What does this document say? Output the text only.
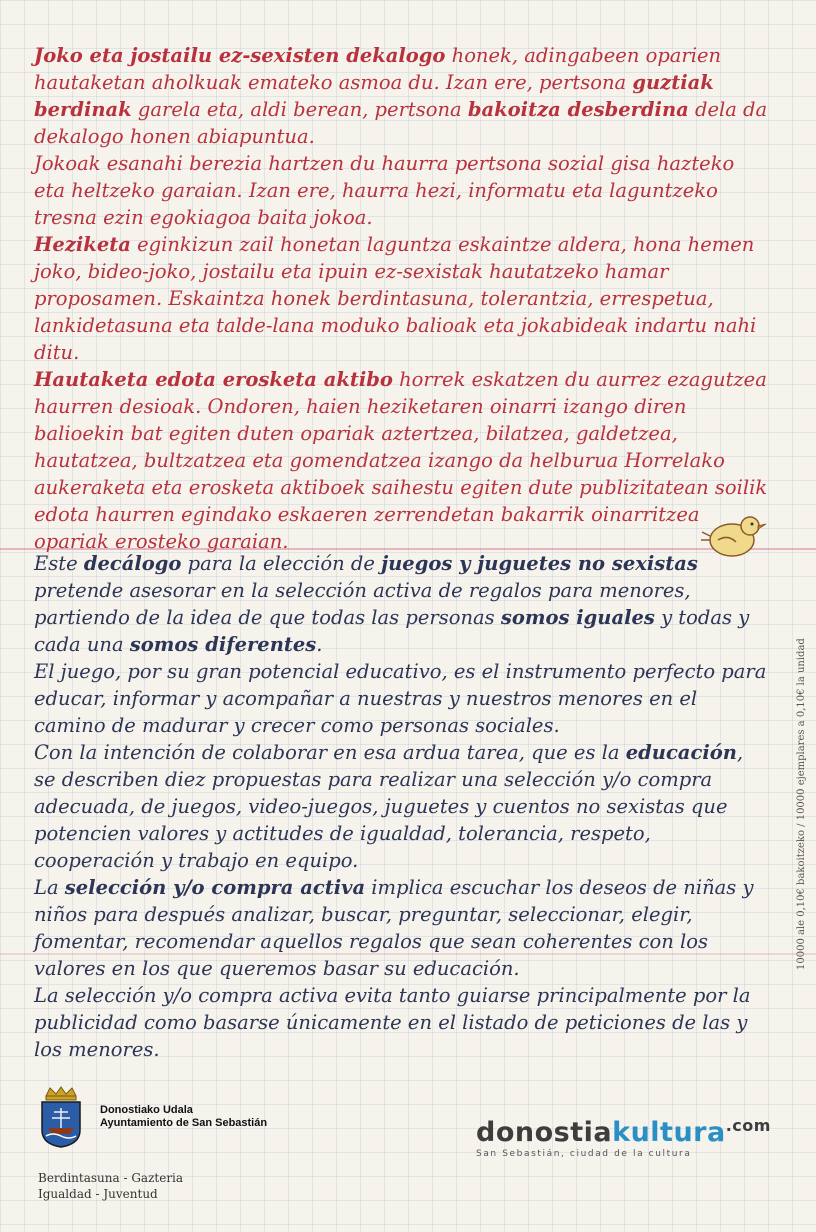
Joko eta jostailu ez-sexisten dekalogo honek, adingabeen oparien hautaketan aholkuak emateko asmoa du. Izan ere, pertsona guztiak berdinak garela eta, aldi berean, pertsona bakoitza desberdina dela da dekalogo honen abiapuntua.

Jokoak esanahi berezia hartzen du haurra pertsona sozial gisa hazteko eta heltzeko garaian. Izan ere, haurra hezi, informatu eta laguntzeko tresna ezin egokiagoa baita jokoa.

Heziketa eginkizun zail honetan laguntza eskaintze aldera, hona hemen joko, bideo-joko, jostailu eta ipuin ez-sexistak hautatzeko hamar proposamen. Eskaintza honek berdintasuna, tolerantzia, errespetua, lankidetasuna eta talde-lana moduko balioak eta jokabideak indartu nahi ditu.

Hautaketa edota erosketa aktibo horrek eskatzen du aurrez ezagutzea haurren desioak. Ondoren, haien heziketaren oinarri izango diren balioekin bat egiten duten opariak aztertzea, bilatzea, galdetzea, hautatzea, bultzatzea eta gomendatzea izango da helburua Horrelako aukeraketa eta erosketa aktiboek saihestu egiten dute publizitatean soilik edota haurren egindako eskaeren zerrendetan bakarrik oinarritzea opariak erosteko garaian.

Este decálogo para la elección de juegos y juguetes no sexistas pretende asesorar en la selección activa de regalos para menores, partiendo de la idea de que todas las personas somos iguales y todas y cada una somos diferentes.

El juego, por su gran potencial educativo, es el instrumento perfecto para educar, informar y acompañar a nuestras y nuestros menores en el camino de madurar y crecer como personas sociales.

Con la intención de colaborar en esa ardua tarea, que es la educación, se describen diez propuestas para realizar una selección y/o compra adecuada, de juegos, video-juegos, juguetes y cuentos no sexistas que potencien valores y actitudes de igualdad, tolerancia, respeto, cooperación y trabajo en equipo.

La selección y/o compra activa implica escuchar los deseos de niñas y niños para después analizar, buscar, preguntar, seleccionar, elegir, fomentar, recomendar aquellos regalos que sean coherentes con los valores en los que queremos basar su educación.

La selección y/o compra activa evita tanto guiarse principalmente por la publicidad como basarse únicamente en el listado de peticiones de las y los menores.

10000 ale 0,10€ bakoitzeko / 10000 ejemplares a 0,10€ la unidad
Donostiako Udala
Ayuntamiento de San Sebastián
Berdintasuna - Gazteria
Igualdad - Juventud
donostiakultura$^{.com}$
San Sebastián, ciudad de la cultura
